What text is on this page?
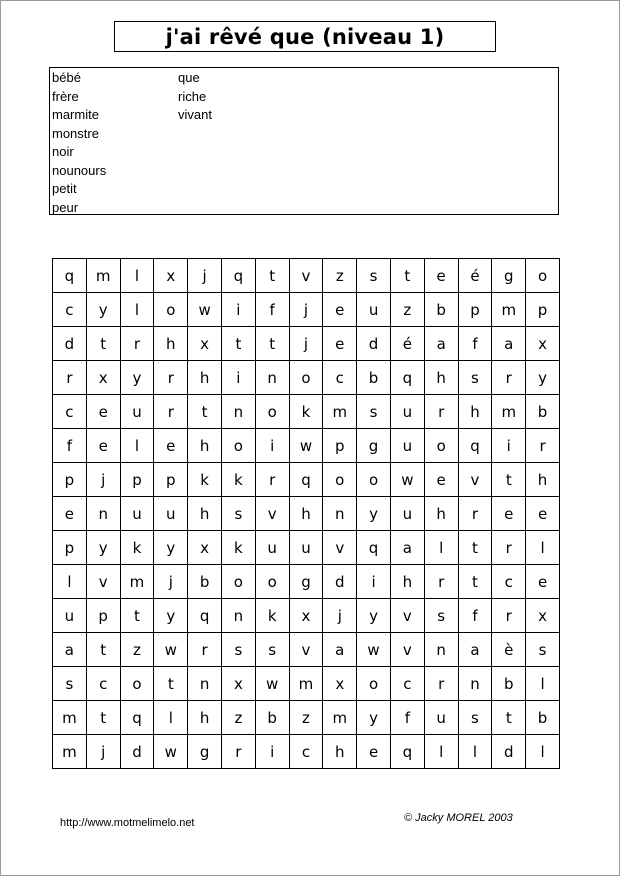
j'ai rêvé que (niveau 1)
bébé
frère
marmite
monstre
noir
nounours
petit
peur
que
riche
vivant
q	m	l	x	j	q	t	v	z	s	t	e	é	g	o
c	y	l	o	w	i	f	j	e	u	z	b	p	m	p
d	t	r	h	x	t	t	j	e	d	é	a	f	a	x
r	x	y	r	h	i	n	o	c	b	q	h	s	r	y
c	e	u	r	t	n	o	k	m	s	u	r	h	m	b
f	e	l	e	h	o	i	w	p	g	u	o	q	i	r
p	j	p	p	k	k	r	q	o	o	w	e	v	t	h
e	n	u	u	h	s	v	h	n	y	u	h	r	e	e
p	y	k	y	x	k	u	u	v	q	a	l	t	r	l
l	v	m	j	b	o	o	g	d	i	h	r	t	c	e
u	p	t	y	q	n	k	x	j	y	v	s	f	r	x
a	t	z	w	r	s	s	v	a	w	v	n	a	è	s
s	c	o	t	n	x	w	m	x	o	c	r	n	b	l
m	t	q	l	h	z	b	z	m	y	f	u	s	t	b
m	j	d	w	g	r	i	c	h	e	q	l	l	d	l
http://www.motmelimelo.net	© Jacky MOREL 2003
